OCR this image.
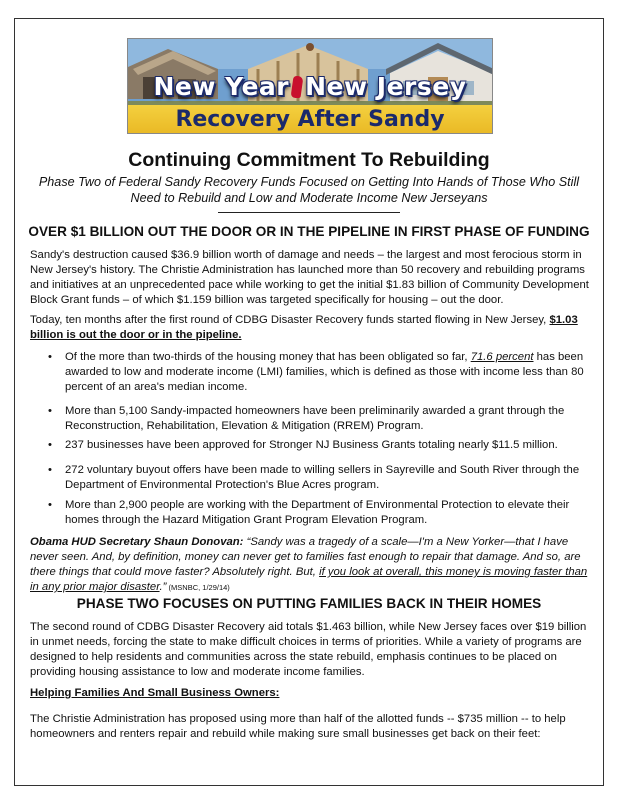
New Year New Jersey
Recovery After Sandy
Continuing Commitment To Rebuilding
Phase Two of Federal Sandy Recovery Funds Focused on Getting Into Hands of Those Who Still Need to Rebuild and Low and Moderate Income New Jerseyans
OVER $1 BILLION OUT THE DOOR OR IN THE PIPELINE IN FIRST PHASE OF FUNDING

Sandy's destruction caused $36.9 billion worth of damage and needs – the largest and most ferocious storm in New Jersey's history. The Christie Administration has launched more than 50 recovery and rebuilding programs and initiatives at an unprecedented pace while working to get the initial $1.83 billion of Community Development Block Grant funds – of which $1.159 billion was targeted specifically for housing – out the door.

Today, ten months after the first round of CDBG Disaster Recovery funds started flowing in New Jersey, $1.03 billion is out the door or in the pipeline.

• Of the more than two-thirds of the housing money that has been obligated so far, 71.6 percent has been awarded to low and moderate income (LMI) families, which is defined as those with income less than 80 percent of an area's median income.
• More than 5,100 Sandy-impacted homeowners have been preliminarily awarded a grant through the Reconstruction, Rehabilitation, Elevation & Mitigation (RREM) Program.
• 237 businesses have been approved for Stronger NJ Business Grants totaling nearly $11.5 million.
• 272 voluntary buyout offers have been made to willing sellers in Sayreville and South River through the Department of Environmental Protection's Blue Acres program.
• More than 2,900 people are working with the Department of Environmental Protection to elevate their homes through the Hazard Mitigation Grant Program Elevation Program.

Obama HUD Secretary Shaun Donovan: “Sandy was a tragedy of a scale—I'm a New Yorker—that I have never seen. And, by definition, money can never get to families fast enough to repair that damage. And so, are there things that could move faster? Absolutely right. But, if you look at overall, this money is moving faster than in any prior major disaster.” (MSNBC, 1/29/14)

PHASE TWO FOCUSES ON PUTTING FAMILIES BACK IN THEIR HOMES

The second round of CDBG Disaster Recovery aid totals $1.463 billion, while New Jersey faces over $19 billion in unmet needs, forcing the state to make difficult choices in terms of priorities. While a variety of programs are designed to help residents and communities across the state rebuild, emphasis continues to be placed on providing housing assistance to low and moderate income families.

Helping Families And Small Business Owners:

The Christie Administration has proposed using more than half of the allotted funds -- $735 million -- to help homeowners and renters repair and rebuild while making sure small businesses get back on their feet:
